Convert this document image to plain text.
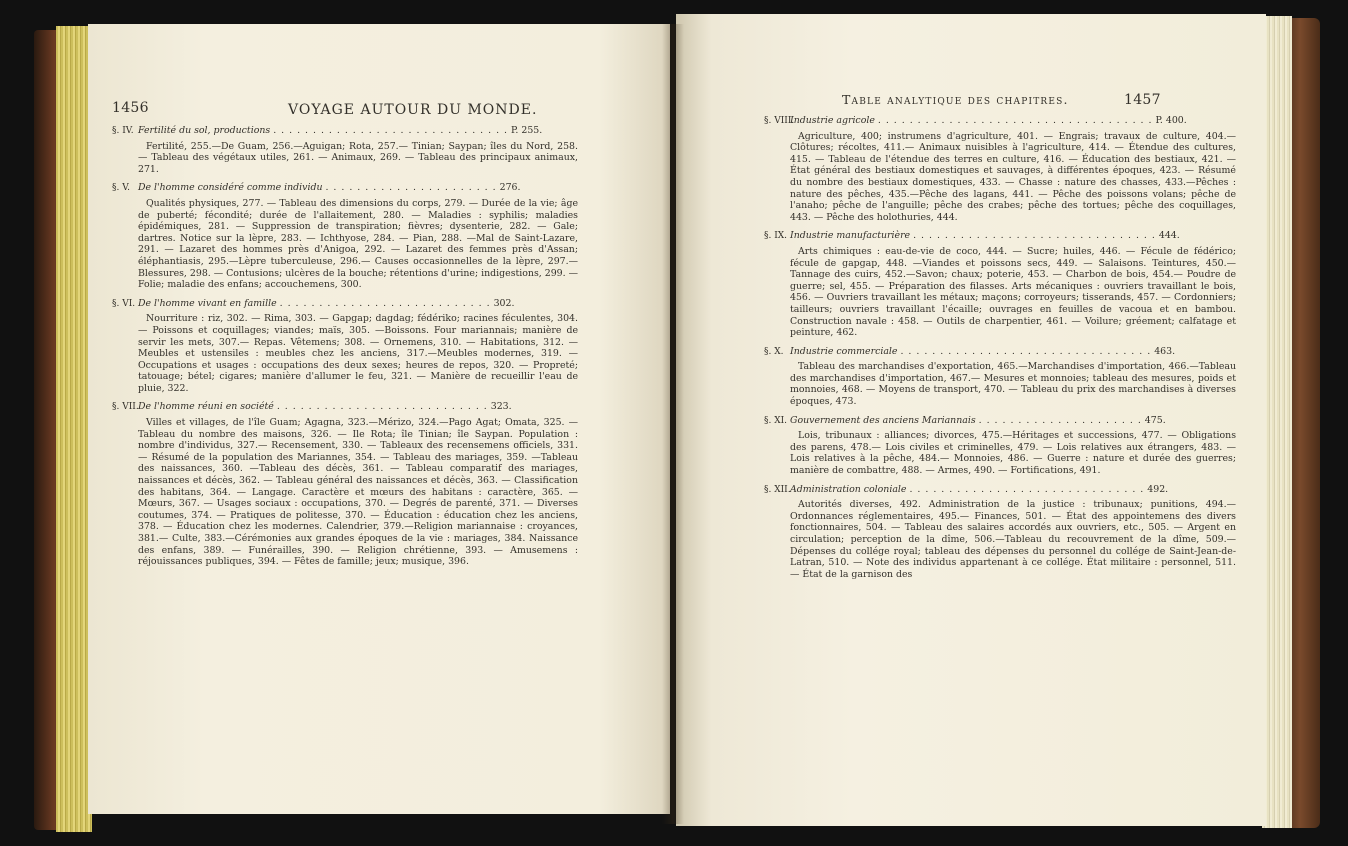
1456	VOYAGE AUTOUR DU MONDE.
§. IV. Fertilité du sol, productions . . . . . . . . . . . . . . . . . . . . . . . . . . . . . . P. 255.

Fertilité, 255.—De Guam, 256.—Aguigan; Rota, 257.— Tinian; Saypan; îles du Nord, 258. — Tableau des végétaux utiles, 261. — Animaux, 269. — Tableau des principaux animaux, 271.

§. V. De l'homme considéré comme individu . . . . . . . . . . . . . . . . . . . . . . 276.

Qualités physiques, 277. — Tableau des dimensions du corps, 279. — Durée de la vie; âge de puberté; fécondité; durée de l'allaitement, 280. — Maladies : syphilis; maladies épidémiques, 281. — Suppression de transpiration; fièvres; dysenterie, 282. — Gale; dartres. Notice sur la lèpre, 283. — Ichthyose, 284. — Pian, 288. —Mal de Saint-Lazare, 291. — Lazaret des hommes près d'Anigoa, 292. — Lazaret des femmes près d'Assan; éléphantiasis, 295.—Lèpre tuberculeuse, 296.— Causes occasionnelles de la lèpre, 297.—Blessures, 298. — Contusions; ulcères de la bouche; rétentions d'urine; indigestions, 299. — Folie; maladie des enfans; accouchemens, 300.

§. VI. De l'homme vivant en famille . . . . . . . . . . . . . . . . . . . . . . . . . . . 302.

Nourriture : riz, 302. — Rima, 303. — Gapgap; dagdag; fédériko; racines féculentes, 304. — Poissons et coquillages; viandes; maïs, 305. —Boissons. Four mariannais; manière de servir les mets, 307.— Repas. Vêtemens; 308. — Ornemens, 310. — Habitations, 312. — Meubles et ustensiles : meubles chez les anciens, 317.—Meubles modernes, 319. — Occupations et usages : occupations des deux sexes; heures de repos, 320. — Propreté; tatouage; bétel; cigares; manière d'allumer le feu, 321. — Manière de recueillir l'eau de pluie, 322.

§. VII.De l'homme réuni en société . . . . . . . . . . . . . . . . . . . . . . . . . . . 323.

Villes et villages, de l'île Guam; Agagna, 323.—Mérizo, 324.—Pago Agat; Omata, 325. — Tableau du nombre des maisons, 326. — Ile Rota; île Tinian; île Saypan. Population : nombre d'individus, 327.— Recensement, 330. — Tableaux des recensemens officiels, 331. — Résumé de la population des Mariannes, 354. — Tableau des mariages, 359. —Tableau des naissances, 360. —Tableau des décès, 361. — Tableau comparatif des mariages, naissances et décès, 362. — Tableau général des naissances et décès, 363. — Classification des habitans, 364. — Langage. Caractère et mœurs des habitans : caractère, 365. — Mœurs, 367. — Usages sociaux : occupations, 370. — Degrés de parenté, 371. — Diverses coutumes, 374. — Pratiques de politesse, 370. — Éducation : éducation chez les anciens, 378. — Éducation chez les modernes. Calendrier, 379.—Religion mariannaise : croyances, 381.— Culte, 383.—Cérémonies aux grandes époques de la vie : mariages, 384. Naissance des enfans, 389. — Funérailles, 390. — Religion chrétienne, 393. — Amusemens : réjouissances publiques, 394. — Fêtes de famille; jeux; musique, 396.

Table analytique des chapitres.	1457
§. VIII.Industrie agricole . . . . . . . . . . . . . . . . . . . . . . . . . . . . . . . . . . . P. 400.

Agriculture, 400; instrumens d'agriculture, 401. — Engrais; travaux de culture, 404.— Clôtures; récoltes, 411.— Animaux nuisibles à l'agriculture, 414. — Étendue des cultures, 415. — Tableau de l'étendue des terres en culture, 416. — Éducation des bestiaux, 421. — État général des bestiaux domestiques et sauvages, à différentes époques, 423. — Résumé du nombre des bestiaux domestiques, 433. — Chasse : nature des chasses, 433.—Pêches : nature des pêches, 435.—Pêche des lagans, 441. — Pêche des poissons volans; pêche de l'anaho; pêche de l'anguille; pêche des crabes; pêche des tortues; pêche des coquillages, 443. — Pêche des holothuries, 444.

§. IX. Industrie manufacturière . . . . . . . . . . . . . . . . . . . . . . . . . . . . . . . 444.

Arts chimiques : eau-de-vie de coco, 444. — Sucre; huiles, 446. — Fécule de fédérico; fécule de gapgap, 448. —Viandes et poissons secs, 449. — Salaisons. Teintures, 450.—Tannage des cuirs, 452.—Savon; chaux; poterie, 453. — Charbon de bois, 454.— Poudre de guerre; sel, 455. — Préparation des filasses. Arts mécaniques : ouvriers travaillant le bois, 456. — Ouvriers travaillant les métaux; maçons; corroyeurs; tisserands, 457. — Cordonniers; tailleurs; ouvriers travaillant l'écaille; ouvrages en feuilles de vacoua et en bambou. Construction navale : 458. — Outils de charpentier, 461. — Voilure; gréement; calfatage et peinture, 462.

§. X. Industrie commerciale . . . . . . . . . . . . . . . . . . . . . . . . . . . . . . . . 463.

Tableau des marchandises d'exportation, 465.—Marchandises d'importation, 466.—Tableau des marchandises d'importation, 467.— Mesures et monnoies; tableau des mesures, poids et monnoies, 468. — Moyens de transport, 470. — Tableau du prix des marchandises à diverses époques, 473.

§. XI. Gouvernement des anciens Mariannais . . . . . . . . . . . . . . . . . . . . . 475.

Lois, tribunaux : alliances; divorces, 475.—Héritages et successions, 477. — Obligations des parens, 478.— Lois civiles et criminelles, 479. — Lois relatives aux étrangers, 483. — Lois relatives à la pêche, 484.— Monnoies, 486. — Guerre : nature et durée des guerres; manière de combattre, 488. — Armes, 490. — Fortifications, 491.

§. XII.Administration coloniale . . . . . . . . . . . . . . . . . . . . . . . . . . . . . . 492.

Autorités diverses, 492. Administration de la justice : tribunaux; punitions, 494.— Ordonnances réglementaires, 495.— Finances, 501. — État des appointemens des divers fonctionnaires, 504. — Tableau des salaires accordés aux ouvriers, etc., 505. — Argent en circulation; perception de la dîme, 506.—Tableau du recouvrement de la dîme, 509.— Dépenses du collége royal; tableau des dépenses du personnel du collége de Saint-Jean-de-Latran, 510. — Note des individus appartenant à ce collége. État militaire : personnel, 511. — État de la garnison des
